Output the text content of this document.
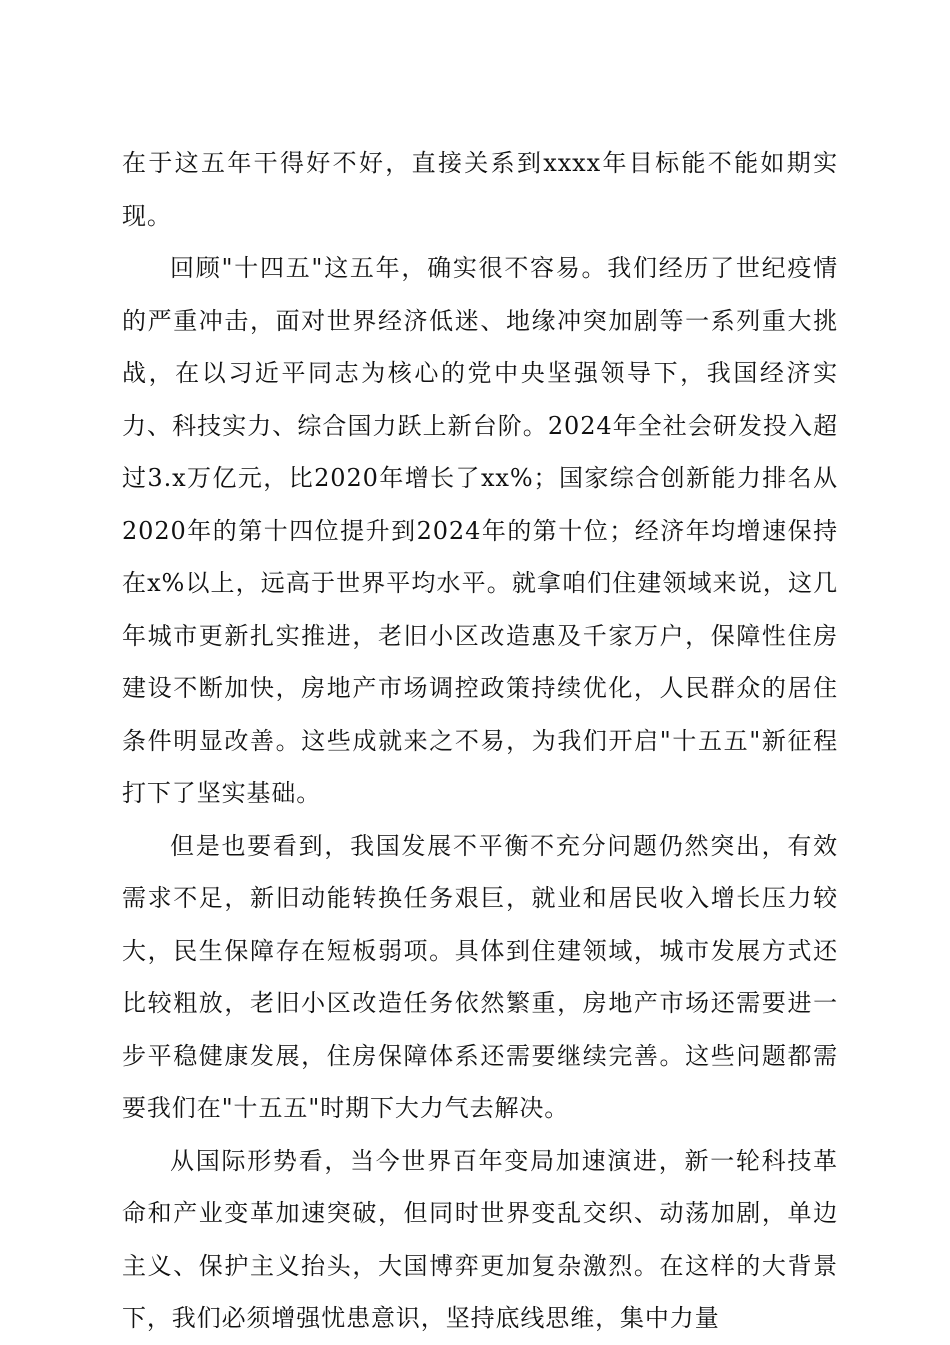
在于这五年干得好不好，直接关系到xxxx年目标能不能如期实现。

回顾"十四五"这五年，确实很不容易。我们经历了世纪疫情的严重冲击，面对世界经济低迷、地缘冲突加剧等一系列重大挑战，在以习近平同志为核心的党中央坚强领导下，我国经济实力、科技实力、综合国力跃上新台阶。2024年全社会研发投入超过3.x万亿元，比2020年增长了xx%；国家综合创新能力排名从2020年的第十四位提升到2024年的第十位；经济年均增速保持在x%以上，远高于世界平均水平。就拿咱们住建领域来说，这几年城市更新扎实推进，老旧小区改造惠及千家万户，保障性住房建设不断加快，房地产市场调控政策持续优化，人民群众的居住条件明显改善。这些成就来之不易，为我们开启"十五五"新征程打下了坚实基础。

但是也要看到，我国发展不平衡不充分问题仍然突出，有效需求不足，新旧动能转换任务艰巨，就业和居民收入增长压力较大，民生保障存在短板弱项。具体到住建领域，城市发展方式还比较粗放，老旧小区改造任务依然繁重，房地产市场还需要进一步平稳健康发展，住房保障体系还需要继续完善。这些问题都需要我们在"十五五"时期下大力气去解决。

从国际形势看，当今世界百年变局加速演进，新一轮科技革命和产业变革加速突破，但同时世界变乱交织、动荡加剧，单边主义、保护主义抬头，大国博弈更加复杂激烈。在这样的大背景下，我们必须增强忧患意识，坚持底线思维，集中力量
